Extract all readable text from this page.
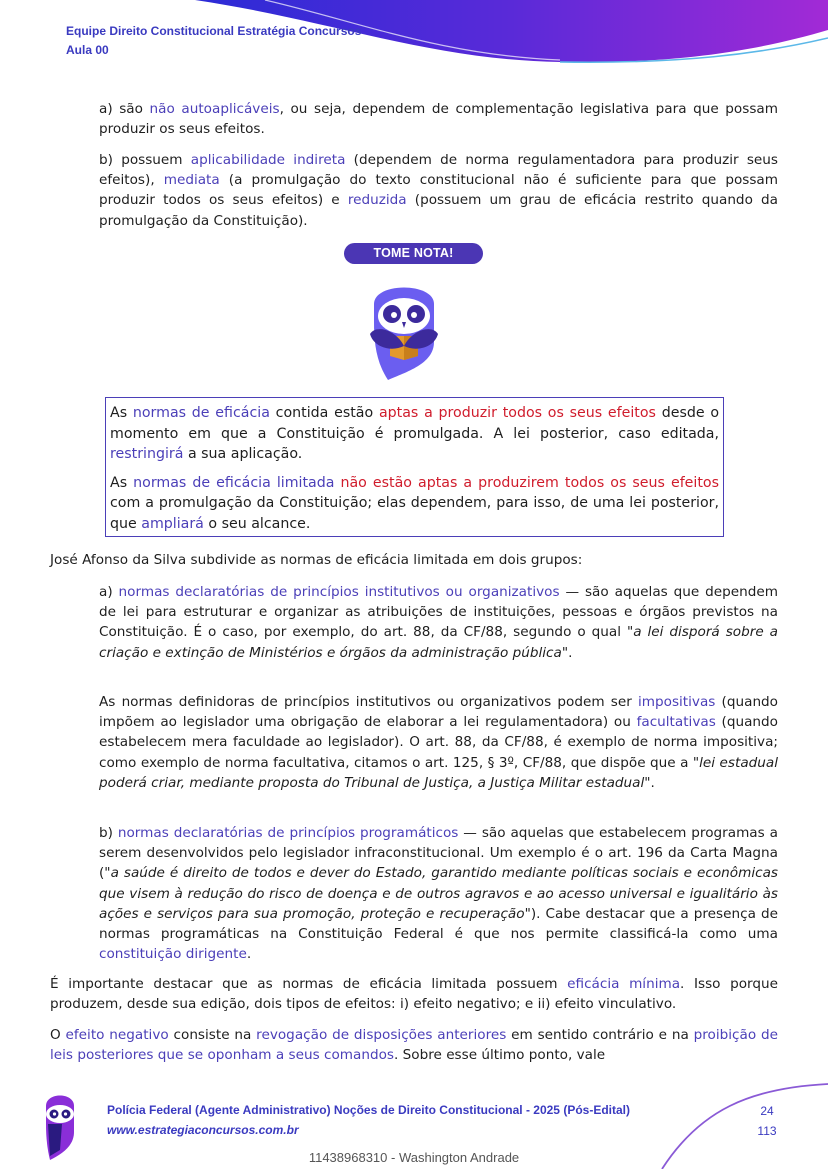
Equipe Direito Constitucional Estratégia Concursos
Aula 00

a) são não autoaplicáveis, ou seja, dependem de complementação legislativa para que possam produzir os seus efeitos.

b) possuem aplicabilidade indireta (dependem de norma regulamentadora para produzir seus efeitos), mediata (a promulgação do texto constitucional não é suficiente para que possam produzir todos os seus efeitos) e reduzida (possuem um grau de eficácia restrito quando da promulgação da Constituição).

TOME NOTA!

As normas de eficácia contida estão aptas a produzir todos os seus efeitos desde o momento em que a Constituição é promulgada. A lei posterior, caso editada, restringirá a sua aplicação.

As normas de eficácia limitada não estão aptas a produzirem todos os seus efeitos com a promulgação da Constituição; elas dependem, para isso, de uma lei posterior, que ampliará o seu alcance.

José Afonso da Silva subdivide as normas de eficácia limitada em dois grupos:

a) normas declaratórias de princípios institutivos ou organizativos — são aquelas que dependem de lei para estruturar e organizar as atribuições de instituições, pessoas e órgãos previstos na Constituição. É o caso, por exemplo, do art. 88, da CF/88, segundo o qual "a lei disporá sobre a criação e extinção de Ministérios e órgãos da administração pública".

As normas definidoras de princípios institutivos ou organizativos podem ser impositivas (quando impõem ao legislador uma obrigação de elaborar a lei regulamentadora) ou facultativas (quando estabelecem mera faculdade ao legislador). O art. 88, da CF/88, é exemplo de norma impositiva; como exemplo de norma facultativa, citamos o art. 125, § 3º, CF/88, que dispõe que a "lei estadual poderá criar, mediante proposta do Tribunal de Justiça, a Justiça Militar estadual".

b) normas declaratórias de princípios programáticos — são aquelas que estabelecem programas a serem desenvolvidos pelo legislador infraconstitucional. Um exemplo é o art. 196 da Carta Magna ("a saúde é direito de todos e dever do Estado, garantido mediante políticas sociais e econômicas que visem à redução do risco de doença e de outros agravos e ao acesso universal e igualitário às ações e serviços para sua promoção, proteção e recuperação"). Cabe destacar que a presença de normas programáticas na Constituição Federal é que nos permite classificá-la como uma constituição dirigente.

É importante destacar que as normas de eficácia limitada possuem eficácia mínima. Isso porque produzem, desde sua edição, dois tipos de efeitos: i) efeito negativo; e ii) efeito vinculativo.

O efeito negativo consiste na revogação de disposições anteriores em sentido contrário e na proibição de leis posteriores que se oponham a seus comandos. Sobre esse último ponto, vale

Polícia Federal (Agente Administrativo) Noções de Direito Constitucional - 2025 (Pós-Edital)
www.estrategiaconcursos.com.br
24
113
11438968310 - Washington Andrade
